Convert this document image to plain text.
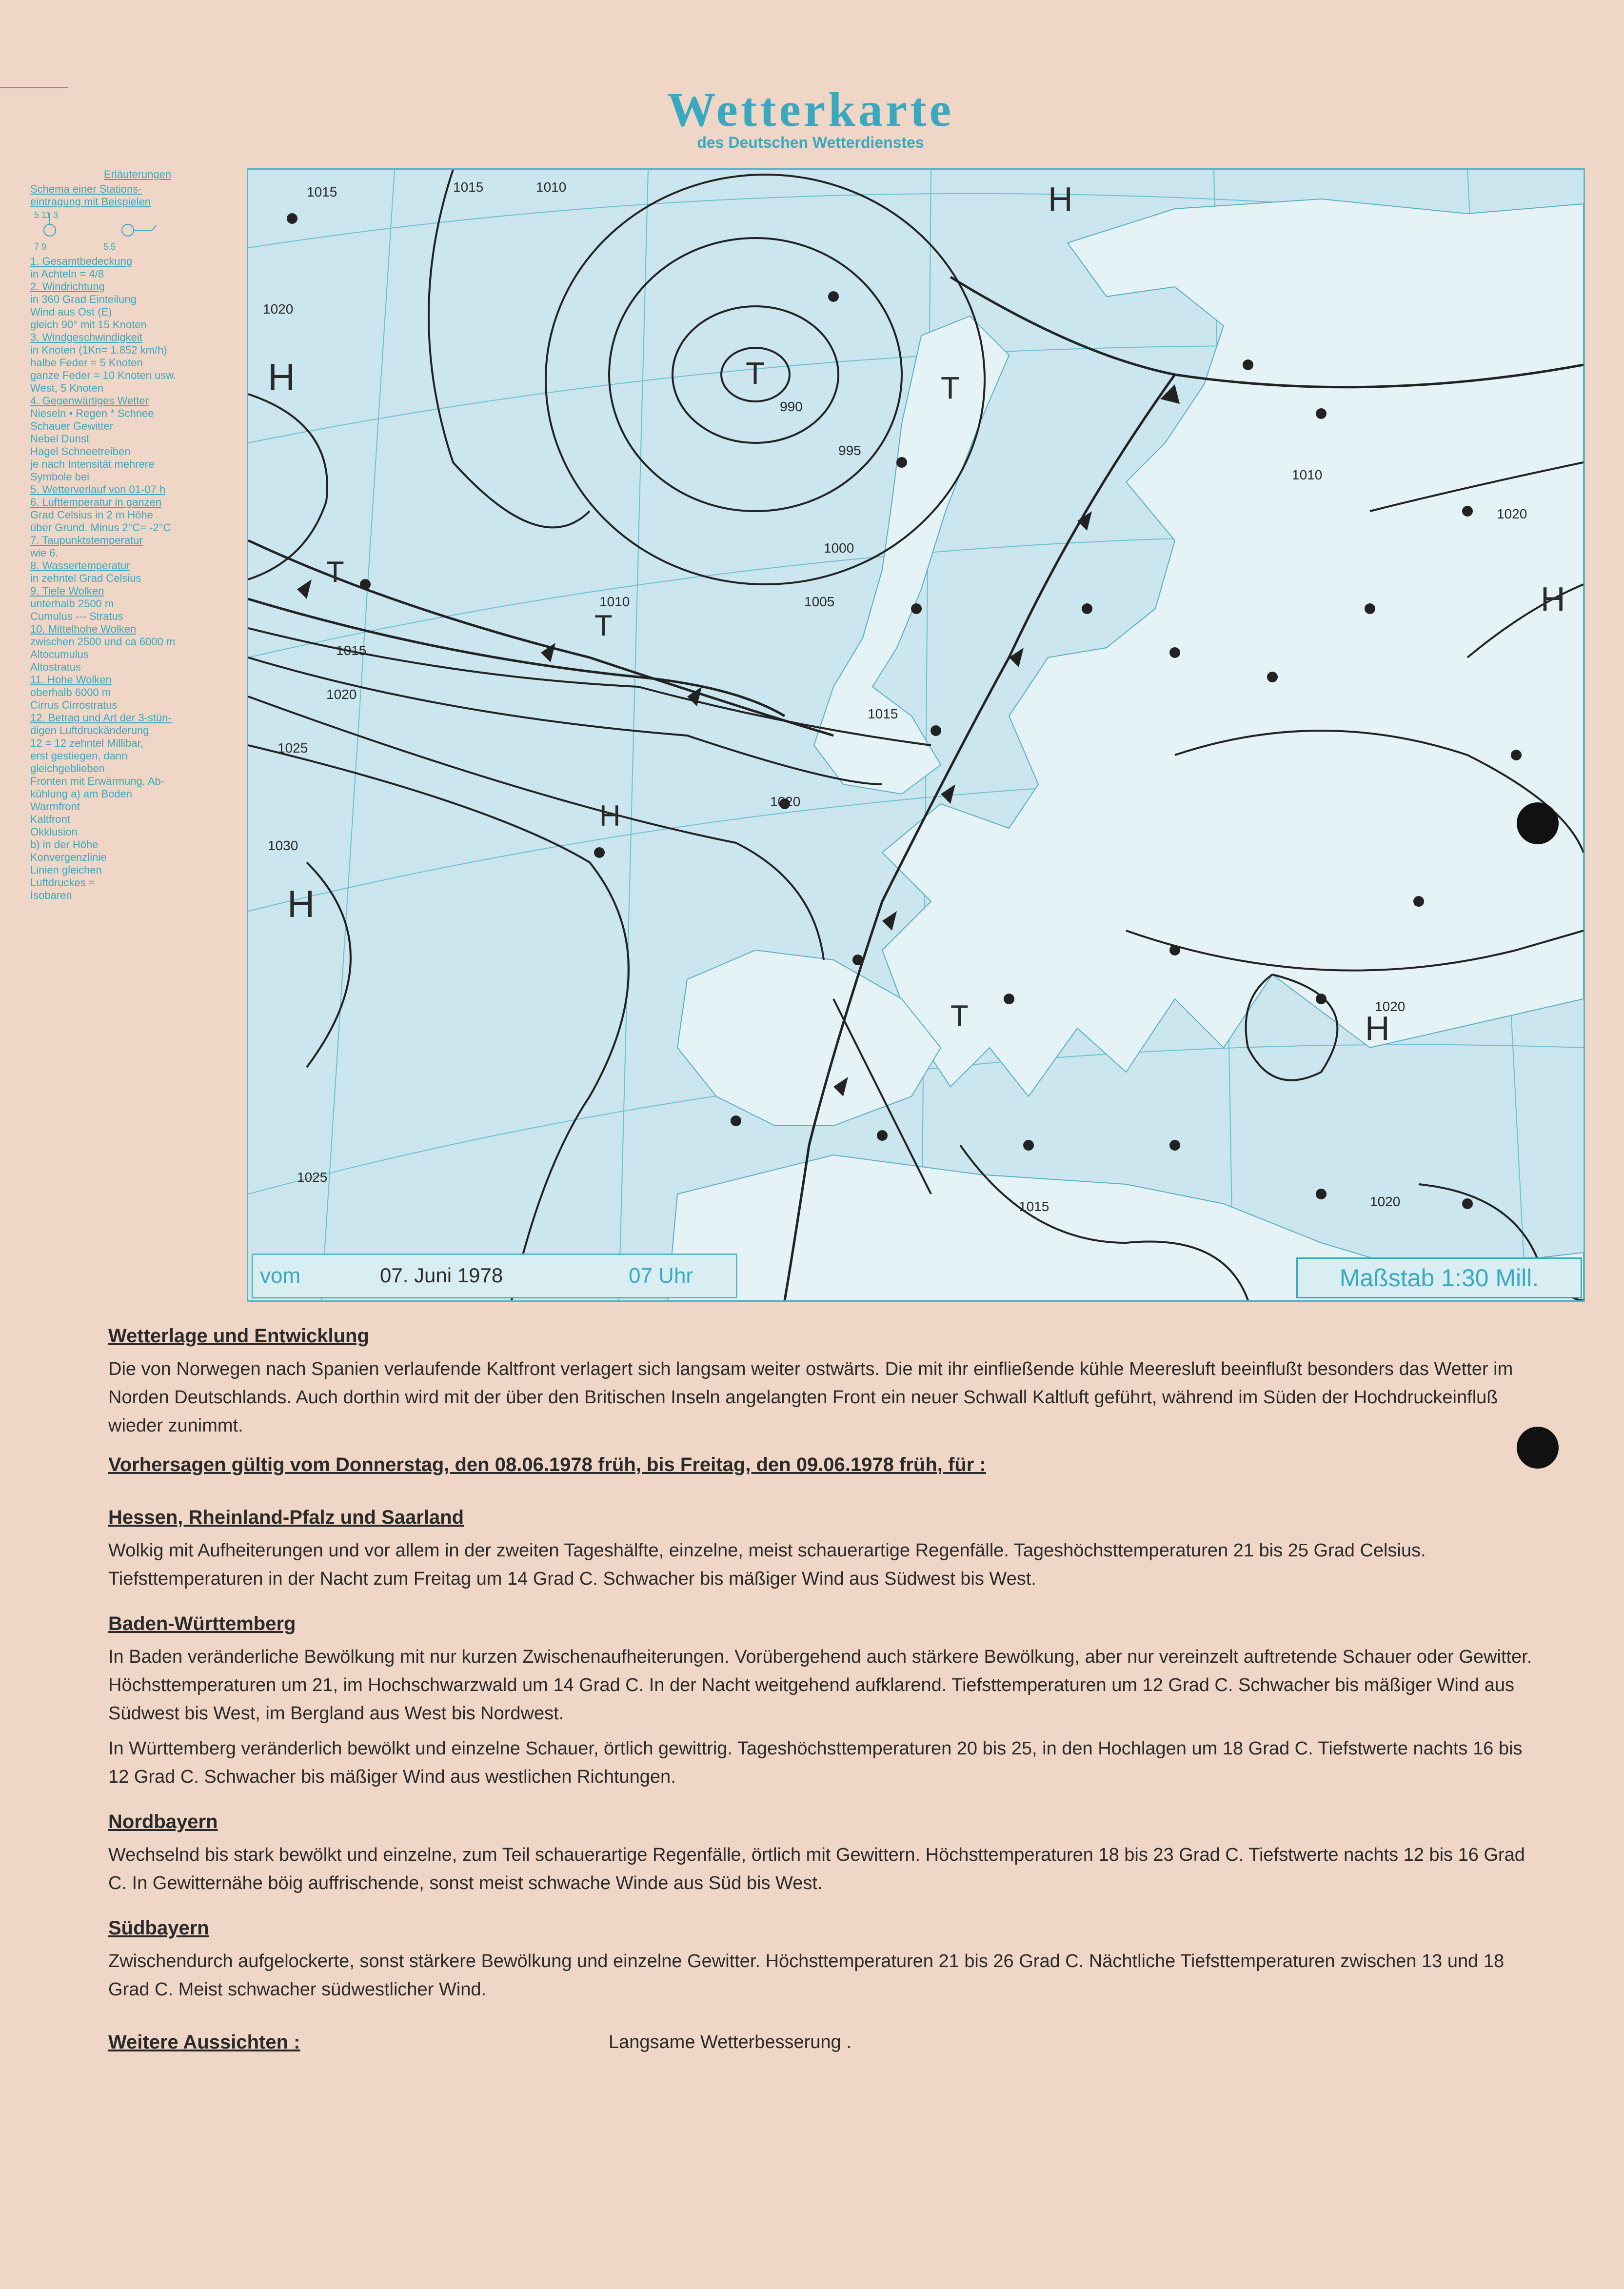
Wetterkarte
des Deutschen Wetterdienstes
Erläuterungen
Schema einer Stations-eintragung mit Beispielen
5 11 3
7 9	5.5
1. Gesamtbedeckung
in Achteln = 4/8
2. Windrichtung
in 360 Grad Einteilung
Wind aus Ost (E)
gleich 90° mit 15 Knoten
3. Windgeschwindigkeit
in Knoten (1Kn= 1.852 km/h)
halbe Feder = 5 Knoten
ganze Feder = 10 Knoten usw.
West, 5 Knoten
4. Gegenwärtiges Wetter
Nieseln • Regen * Schnee
Schauer Gewitter
Nebel Dunst
Hagel Schneetreiben
je nach Intensität mehrere
Symbole bei
5. Wetterverlauf von 01-07 h
6. Lufttemperatur in ganzen
Grad Celsius in 2 m Höhe
über Grund. Minus 2°C= -2°C
7. Taupunktstemperatur
wie 6.
8. Wassertemperatur
in zehntel Grad Celsius
9. Tiefe Wolken
unterhalb 2500 m
Cumulus --- Stratus
10. Mittelhohe Wolken
zwischen 2500 und ca 6000 m
Altocumulus
Altostratus
11. Hohe Wolken
oberhalb 6000 m
Cirrus Cirrostratus
12. Betrag und Art der 3-stün-
digen Luftdruckänderung
12 = 12 zehntel Millibar,
erst gestiegen, dann
gleichgeblieben
Fronten mit Erwärmung, Ab-
kühlung a) am Boden
Warmfront
Kaltfront
Okklusion
b) in der Höhe
Konvergenzlinie
Linien gleichen
Luftdruckes =
Isobaren
H
H
H
T	T
T
T
H
H
H
T
1015	1015	1010
1005
1000
995
990
1010
1015
1020
1020
1025
1030
1020
1015
1010
1020
1015
1020
1025
1020
vom	07. Juni 1978	07 Uhr	Maßstab 1:30 Mill.
Wetterlage und Entwicklung
Die von Norwegen nach Spanien verlaufende Kaltfront verlagert sich langsam weiter ostwärts. Die mit ihr einfließende kühle Meeresluft beeinflußt besonders das Wetter im Norden Deutschlands. Auch dorthin wird mit der über den Britischen Inseln angelangten Front ein neuer Schwall Kaltluft geführt, während im Süden der Hochdruckeinfluß wieder zunimmt.
Vorhersagen gültig vom Donnerstag, den 08.06.1978 früh, bis Freitag, den 09.06.1978 früh, für :
Hessen, Rheinland-Pfalz und Saarland
Wolkig mit Aufheiterungen und vor allem in der zweiten Tageshälfte, einzelne, meist schauerartige Regenfälle. Tageshöchsttemperaturen 21 bis 25 Grad Celsius. Tiefsttemperaturen in der Nacht zum Freitag um 14 Grad C. Schwacher bis mäßiger Wind aus Südwest bis West.
Baden-Württemberg
In Baden veränderliche Bewölkung mit nur kurzen Zwischenaufheiterungen. Vorübergehend auch stärkere Bewölkung, aber nur vereinzelt auftretende Schauer oder Gewitter. Höchsttemperaturen um 21, im Hochschwarzwald um 14 Grad C. In der Nacht weitgehend aufklarend. Tiefsttemperaturen um 12 Grad C. Schwacher bis mäßiger Wind aus Südwest bis West, im Bergland aus West bis Nordwest.
In Württemberg veränderlich bewölkt und einzelne Schauer, örtlich gewittrig. Tageshöchsttemperaturen 20 bis 25, in den Hochlagen um 18 Grad C. Tiefstwerte nachts 16 bis 12 Grad C. Schwacher bis mäßiger Wind aus westlichen Richtungen.
Nordbayern
Wechselnd bis stark bewölkt und einzelne, zum Teil schauerartige Regenfälle, örtlich mit Gewittern. Höchsttemperaturen 18 bis 23 Grad C. Tiefstwerte nachts 12 bis 16 Grad C. In Gewitternähe böig auffrischende, sonst meist schwache Winde aus Süd bis West.
Südbayern
Zwischendurch aufgelockerte, sonst stärkere Bewölkung und einzelne Gewitter. Höchsttemperaturen 21 bis 26 Grad C. Nächtliche Tiefsttemperaturen zwischen 13 und 18 Grad C. Meist schwacher südwestlicher Wind.
Weitere Aussichten :	Langsame Wetterbesserung .
